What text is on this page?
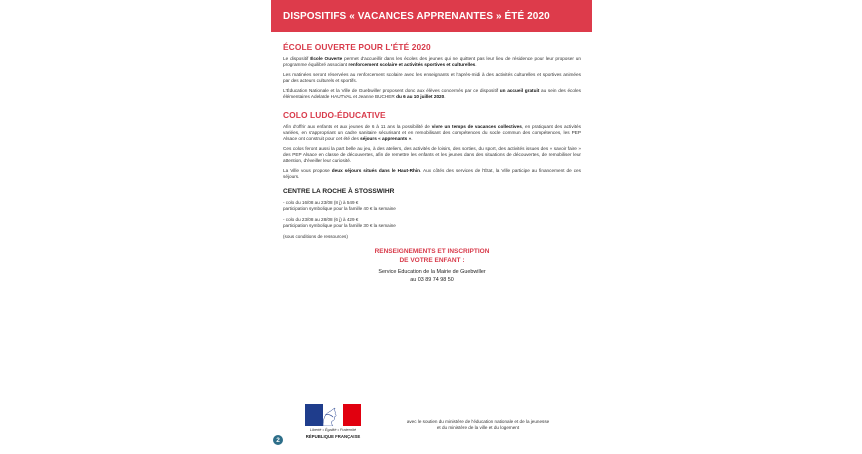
DISPOSITIFS « VACANCES APPRENANTES » ÉTÉ 2020
ÉCOLE OUVERTE POUR L'ÉTÉ 2020

Le dispositif École Ouverte permet d'accueillir dans les écoles des jeunes qui ne quittent pas leur lieu de résidence pour leur proposer un programme équilibré associant renforcement scolaire et activités sportives et culturelles.

Les matinées seront réservées au renforcement scolaire avec les enseignants et l'après-midi à des activités culturelles et sportives animées par des acteurs culturels et sportifs.

L'Éducation Nationale et la Ville de Guebwiller proposent donc aux élèves concernés par ce dispositif un accueil gratuit au sein des écoles élémentaires Adelaïde HAUTVAL et Jeanne BUCHER du 6 au 10 juillet 2020.

COLO LUDO-ÉDUCATIVE

Afin d'offrir aux enfants et aux jeunes de 6 à 11 ans la possibilité de vivre un temps de vacances collectives, en pratiquant des activités variées, en s'appropriant un cadre sanitaire sécurisant et en remobilisant des compétences du socle commun des compétences, les PEP Alsace ont construit pour cet été des séjours « apprenants ».

Ces colos feront aussi la part belle au jeu, à des ateliers, des activités de loisirs, des sorties, du sport, des activités issues des « savoir faire » des PEP Alsace en classe de découvertes, afin de remettre les enfants et les jeunes dans des situations de découvertes, de remobiliser leur attention, d'éveiller leur curiosité.

La Ville vous propose deux séjours situés dans le Haut-Rhin. Aux côtés des services de l'État, la Ville participe au financement de ces séjours.

CENTRE LA ROCHE À STOSSWIHR

- colo du 16/08 au 23/08 (8 j) à 549 €

participation symbolique pour la famille 40 € la semaine

- colo du 23/08 au 28/08 (6 j) à 429 €

participation symbolique pour la famille 30 € la semaine

(sous conditions de ressources)

RENSEIGNEMENTS ET INSCRIPTION

DE VOTRE ENFANT :

Service Education de la Mairie de Guebwiller

au 03 89 74 98 50

Liberté • Égalité • Fraternité
RÉPUBLIQUE FRANÇAISE
avec le soutien du ministère de l'éducation nationale et de la jeunesse
et du ministère de la ville et du logement
2
